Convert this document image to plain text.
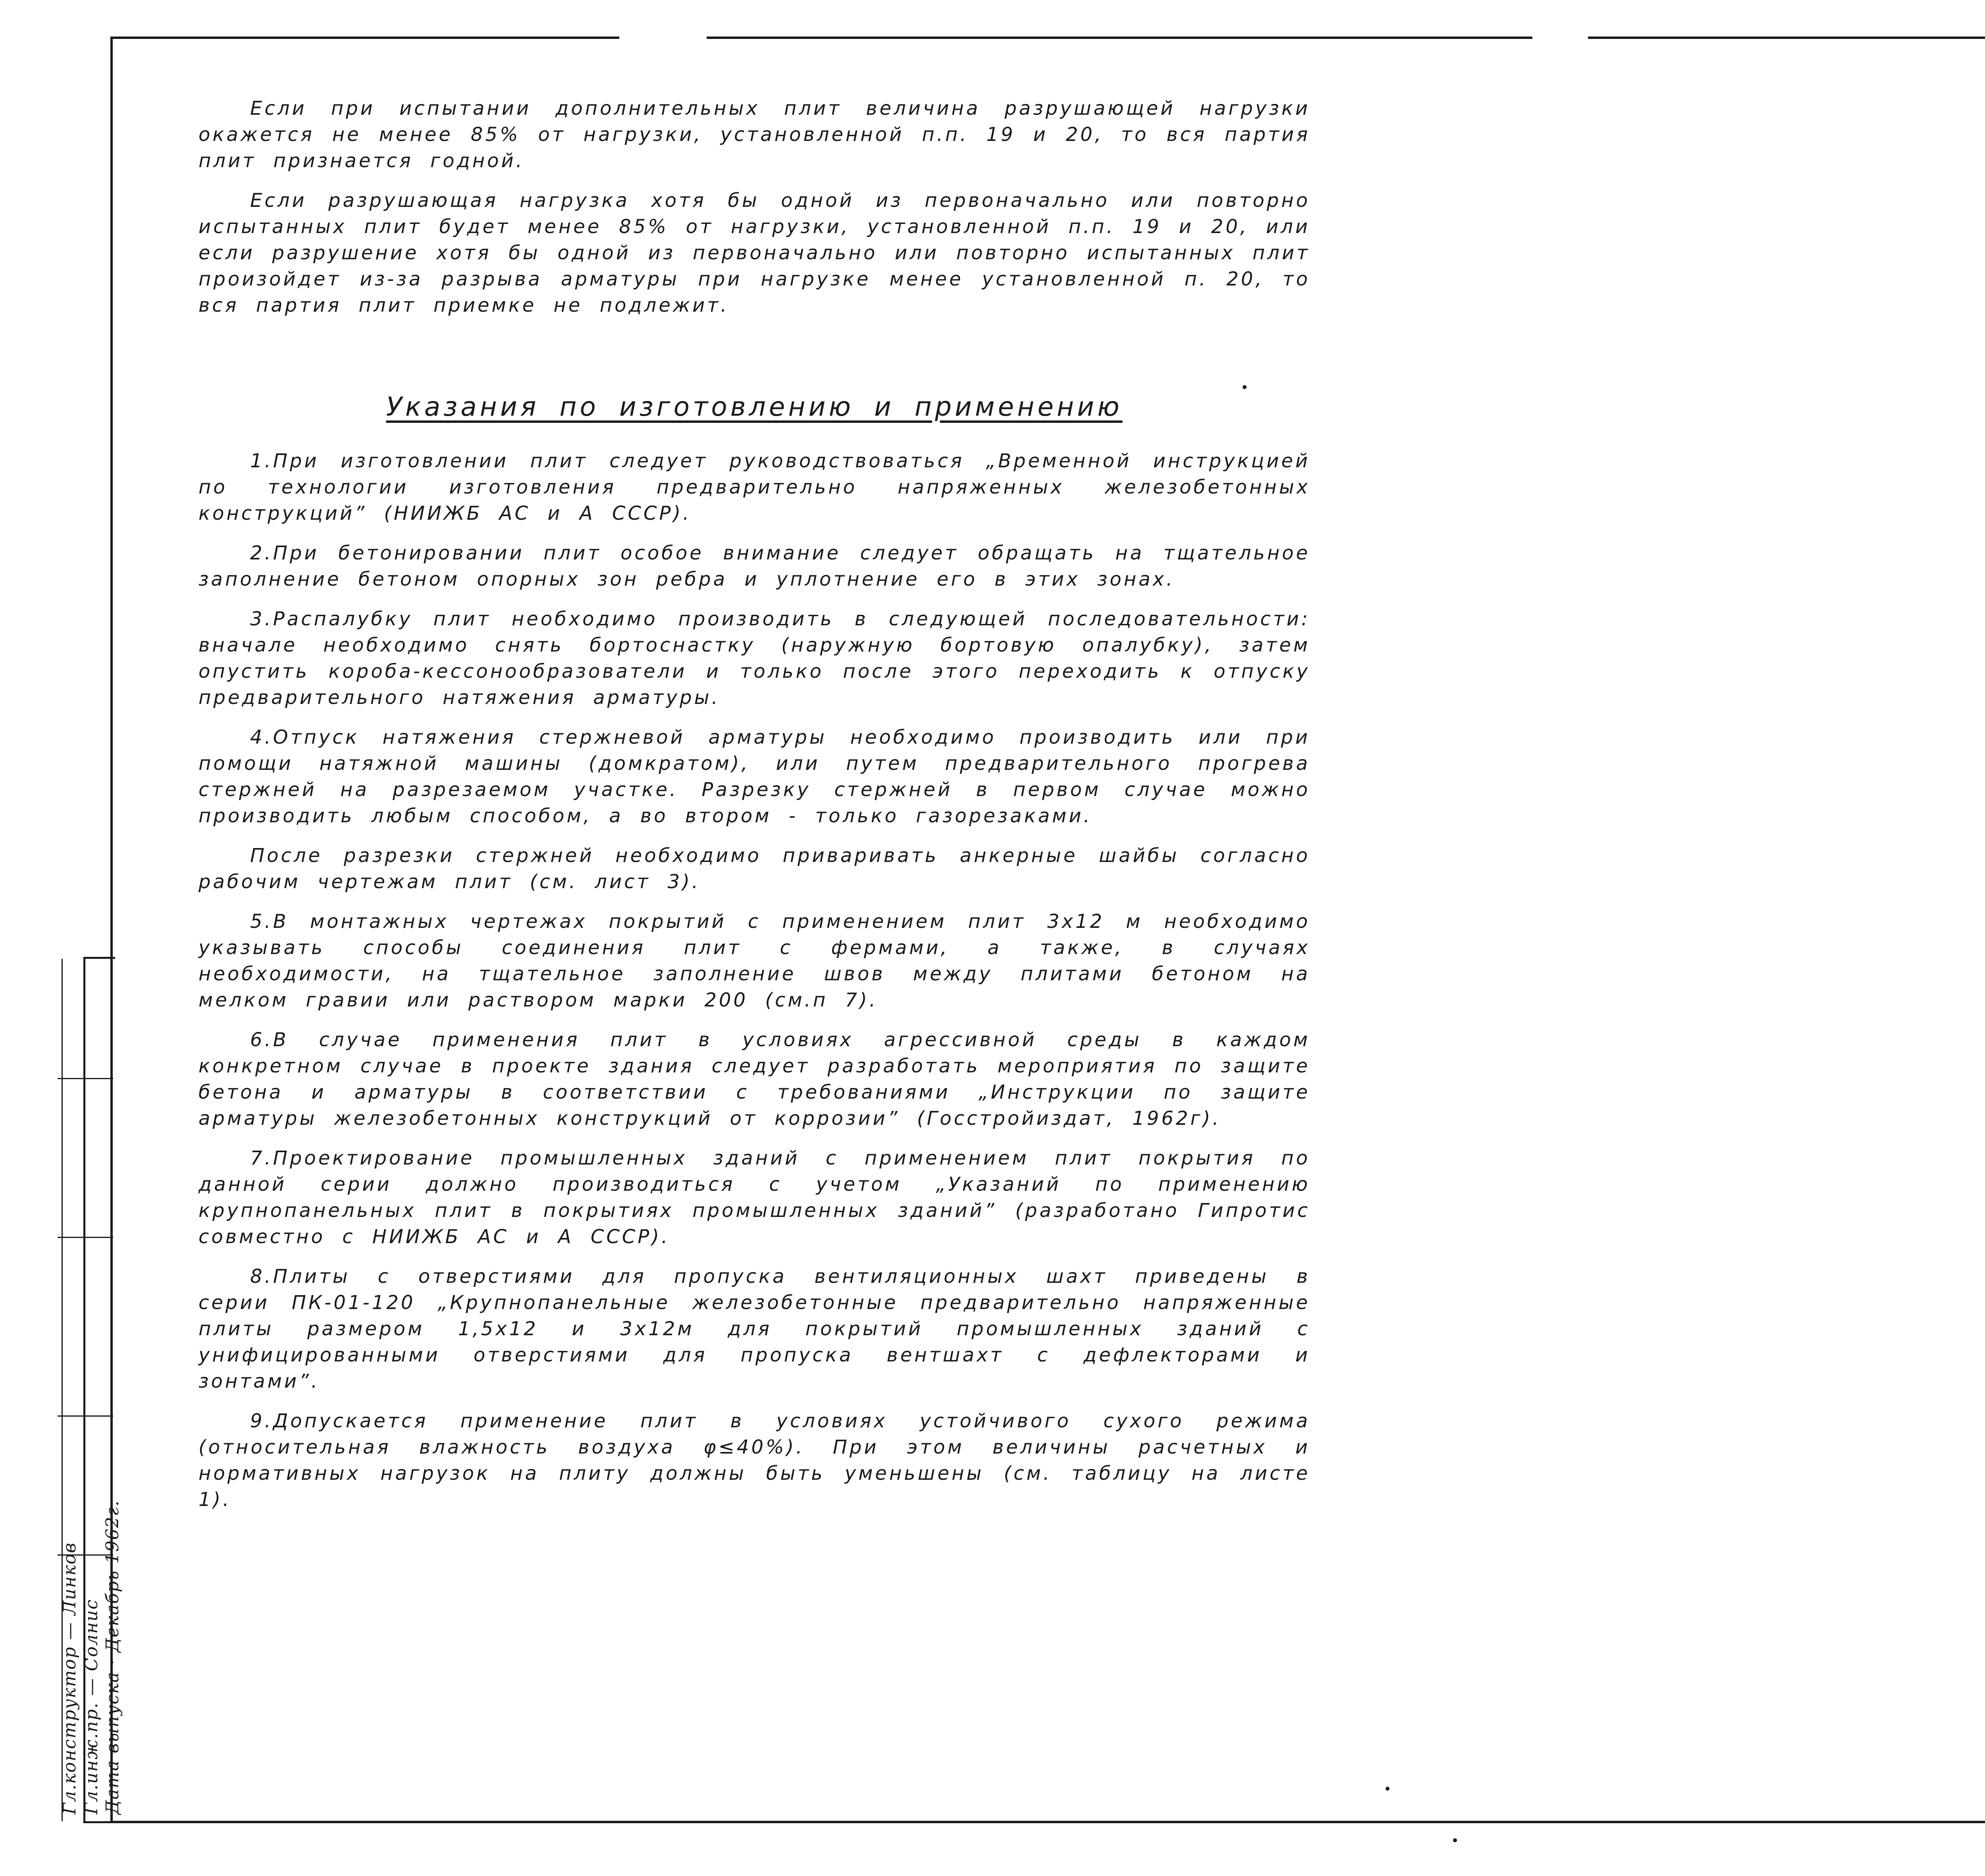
Гл.конструктор — Линков Гл.инж.пр. — Солнис Дата выпуска · Декабрь 1962г.

Если при испытании дополнительных плит величина разрушающей нагрузки окажется не менее 85% от нагрузки, установленной п.п. 19 и 20, то вся партия плит признается годной.

Если разрушающая нагрузка хотя бы одной из первоначально или повторно испытанных плит будет менее 85% от нагрузки, установленной п.п. 19 и 20, или если разрушение хотя бы одной из первоначально или повторно испытанных плит произойдет из-за разрыва арматуры при нагрузке менее установленной п. 20, то вся партия плит приемке не подлежит.

Указания по изготовлению и применению

1.При изготовлении плит следует руководствоваться „Временной инструкцией по технологии изготовления предварительно напряженных железобетонных конструкций” (НИИЖБ АС и А СССР).

2.При бетонировании плит особое внимание следует обращать на тщательное заполнение бетоном опорных зон ребра и уплотнение его в этих зонах.

3.Распалубку плит необходимо производить в следующей последовательности: вначале необходимо снять бортоснастку (наружную бортовую опалубку), затем опустить короба-кессонообразователи и только после этого переходить к отпуску предварительного натяжения арматуры.

4.Отпуск натяжения стержневой арматуры необходимо производить или при помощи натяжной машины (домкратом), или путем предварительного прогрева стержней на разрезаемом участке. Разрезку стержней в первом случае можно производить любым способом, а во втором - только газорезаками.

После разрезки стержней необходимо приваривать анкерные шайбы согласно рабочим чертежам плит (см. лист 3).

5.В монтажных чертежах покрытий с применением плит 3х12 м необходимо указывать способы соединения плит с фермами, а также, в случаях необходимости, на тщательное заполнение швов между плитами бетоном на мелком гравии или раствором марки 200 (см.п 7).

6.В случае применения плит в условиях агрессивной среды в каждом конкретном случае в проекте здания следует разработать мероприятия по защите бетона и арматуры в соответствии с требованиями „Инструкции по защите арматуры железобетонных конструкций от коррозии” (Госстройиздат, 1962г).

7.Проектирование промышленных зданий с применением плит покрытия по данной серии должно производиться с учетом „Указаний по применению крупнопанельных плит в покрытиях промышленных зданий” (разработано Гипротис совместно с НИИЖБ АС и А СССР).

8.Плиты с отверстиями для пропуска вентиляционных шахт приведены в серии ПК-01-120 „Крупнопанельные железобетонные предварительно напряженные плиты размером 1,5х12 и 3х12м для покрытий промышленных зданий с унифицированными отверстиями для пропуска вентшахт с дефлекторами и зонтами”.

9.Допускается применение плит в условиях устойчивого сухого режима (относительная влажность воздуха φ≤40%). При этом величины расчетных и нормативных нагрузок на плиту должны быть уменьшены (см. таблицу на листе 1).
